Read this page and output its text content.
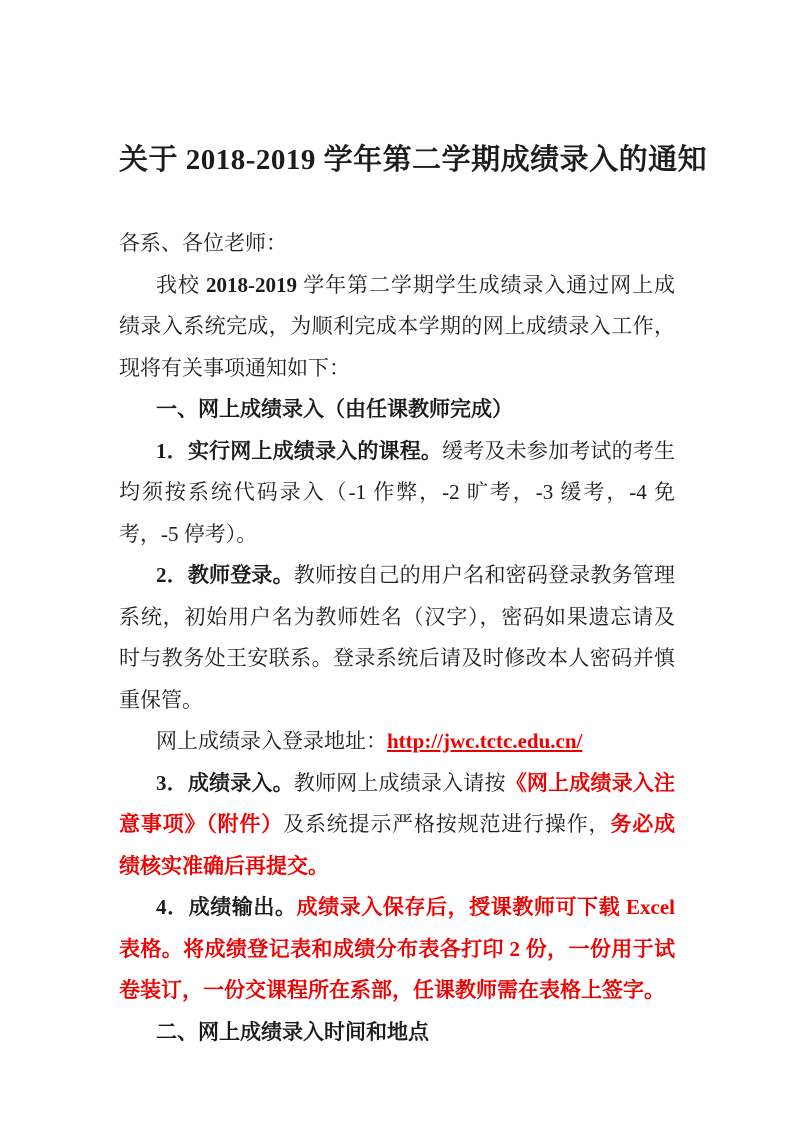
关于 2018-2019 学年第二学期成绩录入的通知

各系、各位老师：

我校 2018-2019 学年第二学期学生成绩录入通过网上成绩录入系统完成，为顺利完成本学期的网上成绩录入工作，现将有关事项通知如下：

一、网上成绩录入（由任课教师完成）

1．实行网上成绩录入的课程。缓考及未参加考试的考生均须按系统代码录入（-1 作弊，-2 旷考，-3 缓考，-4 免考，-5 停考）。

2．教师登录。教师按自己的用户名和密码登录教务管理系统，初始用户名为教师姓名（汉字），密码如果遗忘请及时与教务处王安联系。登录系统后请及时修改本人密码并慎重保管。

网上成绩录入登录地址：http://jwc.tctc.edu.cn/

3．成绩录入。教师网上成绩录入请按《网上成绩录入注意事项》（附件）及系统提示严格按规范进行操作，务必成绩核实准确后再提交。

4．成绩输出。成绩录入保存后，授课教师可下载 Excel 表格。将成绩登记表和成绩分布表各打印 2 份，一份用于试卷装订，一份交课程所在系部，任课教师需在表格上签字。

二、网上成绩录入时间和地点
